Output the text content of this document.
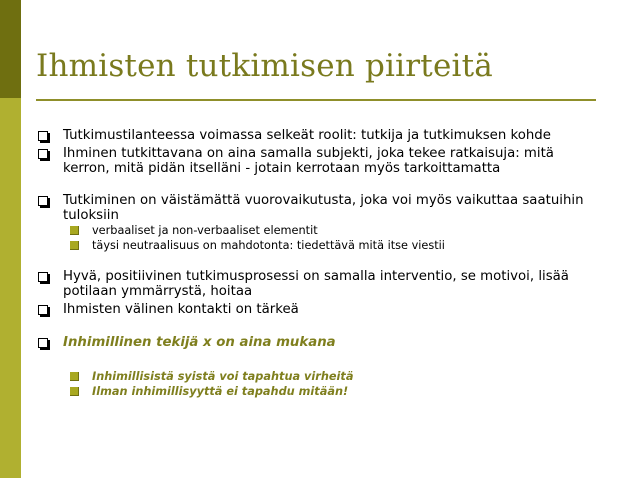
Ihmisten tutkimisen piirteitä
Tutkimustilanteessa voimassa selkeät roolit: tutkija ja tutkimuksen kohde
Ihminen tutkittavana on aina samalla subjekti, joka tekee ratkaisuja: mitä kerron, mitä pidän itselläni - jotain kerrotaan myös tarkoittamatta
Tutkiminen on väistämättä vuorovaikutusta, joka voi myös vaikuttaa saatuihin tuloksiin
verbaaliset ja non-verbaaliset elementit
täysi neutraalisuus on mahdotonta: tiedettävä mitä itse viestii
Hyvä, positiivinen tutkimusprosessi on samalla interventio, se motivoi, lisää potilaan ymmärrystä, hoitaa
Ihmisten välinen kontakti on tärkeä
Inhimillinen tekijä x on aina mukana
Inhimillisistä syistä voi tapahtua virheitä
Ilman inhimillisyyttä ei tapahdu mitään!
